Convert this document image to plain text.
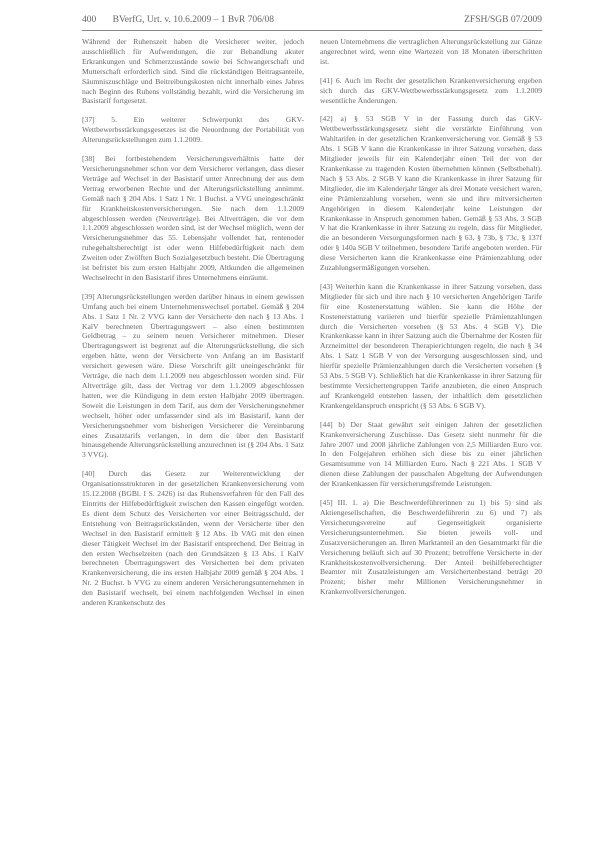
400 BVerfG, Urt. v. 10.6.2009 – 1 BvR 706/08	ZFSH/SGB 07/2009

Während der Ruhenszeit haben die Versicherer weiter, jedoch ausschließlich für Aufwendungen, die zur Behandlung akuter Erkrankungen und Schmerzzustände sowie bei Schwangerschaft und Mutterschaft erforderlich sind. Sind die rückständigen Beitragsanteile, Säumniszuschläge und Beitreibungskosten nicht innerhalb eines Jahres nach Beginn des Ruhens vollständig bezahlt, wird die Versicherung im Basistarif fortgesetzt.

[37] 5. Ein weiterer Schwerpunkt des GKV-Wettbewerbsstärkungsgesetzes ist die Neuordnung der Portabilität von Alterungsrückstellungen zum 1.1.2009.

[38] Bei fortbestehendem Versicherungsverhältnis hatte der Versicherungsnehmer schon vor dem Versicherer verlangen, dass dieser Verträge auf Wechsel in der Basistarif unter Anrechnung der aus dem Vertrag erworbenen Rechte und der Alterungsrückstellung annimmt. Gemäß nach § 204 Abs. 1 Satz 1 Nr. 1 Buchst. a VVG uneingeschränkt für Krankheitskostenversicherungen. Sie nach dem 1.1.2009 abgeschlossen werden (Neuverträge). Bei Altverträgen, die vor dem 1.1.2009 abgeschlossen worden sind, ist der Wechsel möglich, wenn der Versicherungsnehmer das 55. Lebensjahr vollendet hat, rentenoder ruhegehaltsberechtigt ist oder wenn Hilfebedürftigkeit nach dem Zweiten oder Zwölften Buch Sozialgesetzbuch besteht. Die Übertragung ist befristet bis zum ersten Halbjahr 2009, Altkunden die allgemeinen Wechselrecht in den Basistarif ihres Unternehmens einräumt.

[39] Alterungsrückstellungen werden darüber hinaus in einem gewissen Umfang auch bei einem Unternehmenswechsel portabel. Gemäß § 204 Abs. 1 Satz 1 Nr. 2 VVG kann der Versicherte den nach § 13 Abs. 1 KalV berechneten Übertragungswert – also einen bestimmten Geldbetrag – zu seinem neuen Versicherer mitnehmen. Dieser Übertragungswert ist begrenzt auf die Alterungsrückstellung, die sich ergeben hätte, wenn der Versicherte von Anfang an im Basistarif versichert gewesen wäre. Diese Vorschrift gilt uneingeschränkt für Verträge, die nach dem 1.1.2009 neu abgeschlossen worden sind. Für Altverträge gilt, dass der Vertrag vor dem 1.1.2009 abgeschlossen hatten, wer die Kündigung in dem ersten Halbjahr 2009 übertragen. Soweit die Leistungen in dem Tarif, aus dem der Versicherungsnehmer wechselt, höher oder umfassender sind als im Basistarif, kann der Versicherungsnehmer vom bisherigen Versicherer die Vereinbarung eines Zusatztarifs verlangen, in dem die über den Basistarif hinausgehende Alterungsrückstellung anzurechnen ist (§ 204 Abs. 1 Satz 3 VVG).

[40] Durch das Gesetz zur Weiterentwicklung der Organisationsstrukturen in der gesetzlichen Krankenversicherung vom 15.12.2008 (BGBl. I S. 2426) ist das Ruhensverfahren für den Fall des Eintritts der Hilfebedürftigkeit zwischen den Kassen eingefügt worden. Es dient dem Schutz des Versicherten vor einer Beitragsschuld, der Entstehung von Beitragsrückständen, wenn der Versicherte über den Wechsel in den Basistarif ermittelt § 12 Abs. 1b VAG mit den einen dieser Tätigkeit Wechsel im der Basistarif entsprechend. Der Beitrag in den ersten Wechselzeiten (nach den Grundsätzen § 13 Abs. 1 KalV berechneten Übertragungswert des Versicherten bei dem privaten Krankenversicherung, die ins ersten Halbjahr 2009 gemäß § 204 Abs. 1 Nr. 2 Buchst. b VVG zu einem anderen Versicherungsunternehmen in den Basistarif wechselt, bei einem nachfolgenden Wechsel in einen anderen Krankenschutz des

neuen Unternehmens die vertraglichen Alterungsrückstellung zur Gänze angerechnet wird, wenn eine Wartezeit von 18 Monaten überschritten ist.

[41] 6. Auch im Recht der gesetzlichen Krankenversicherung ergeben sich durch das GKV-Wettbewerbsstärkungsgesetz zum 1.1.2009 wesentliche Änderungen.

[42] a) § 53 SGB V in der Fassung durch das GKV-Wettbewerbsstärkungsgesetz sieht die verstärkte Einführung von Wahltarifen in der gesetzlichen Krankenversicherung vor. Gemäß § 53 Abs. 1 SGB V kann die Krankenkasse in ihrer Satzung vorsehen, dass Mitglieder jeweils für ein Kalenderjahr einen Teil der von der Krankenkasse zu tragenden Kosten übernehmen können (Selbstbehalt). Nach § 53 Abs. 2 SGB V kann die Krankenkasse in ihrer Satzung für Mitglieder, die im Kalenderjahr länger als drei Monate versichert waren, eine Prämienzahlung vorsehen, wenn sie und ihre mitversicherten Angehörigen in diesem Kalenderjahr keine Leistungen der Krankenkasse in Anspruch genommen haben. Gemäß § 53 Abs. 3 SGB V hat die Krankenkasse in ihrer Satzung zu regeln, dass für Mitglieder, die an besonderen Versorgungsformen nach § 63, § 73b, § 73c, § 137f oder § 140a SGB V teilnehmen, besondere Tarife angeboten werden. Für diese Versicherten kann die Krankenkasse eine Prämienzahlung oder Zuzahlungsermäßigungen vorsehen.

[43] Weiterhin kann die Krankenkasse in ihrer Satzung vorsehen, dass Mitglieder für sich und ihre nach § 10 versicherten Angehörigen Tarife für eine Kostenerstattung wählen. Sie kann die Höhe der Kostenerstattung variieren und hierfür spezielle Prämienzahlungen durch die Versicherten vorsehen (§ 53 Abs. 4 SGB V). Die Krankenkasse kann in ihrer Satzung auch die Übernahme der Kosten für Arzneimittel der besonderen Therapierichtungen regeln, die nach § 34 Abs. 1 Satz 1 SGB V von der Versorgung ausgeschlossen sind, und hierfür spezielle Prämienzahlungen durch die Versicherten vorsehen (§ 53 Abs. 5 SGB V). Schließlich hat die Krankenkasse in ihrer Satzung für bestimmte Versichertengruppen Tarife anzubieten, die einen Anspruch auf Krankengeld entstehen lassen, der inhaltlich dem gesetzlichen Krankengeldanspruch entspricht (§ 53 Abs. 6 SGB V).

[44] b) Der Staat gewährt seit einigen Jahren der gesetzlichen Krankenversicherung Zuschüsse. Das Gesetz sieht nunmehr für die Jahre 2007 und 2008 jährliche Zahlungen von 2,5 Milliarden Euro vor. In den Folgejahren erhöhen sich diese bis zu einer jährlichen Gesamtsumme von 14 Milliarden Euro. Nach § 221 Abs. 1 SGB V dienen diese Zahlungen der pauschalen Abgeltung der Aufwendungen der Krankenkassen für versicherungsfremde Leistungen.

[45] III. 1. a) Die Beschwerdeführerinnen zu 1) bis 5) sind als Aktiengesellschaften, die Beschwerdeführerin zu 6) und 7) als Versicherungsvereine auf Gegenseitigkeit organisierte Versicherungsunternehmen. Sie bieten jeweils voll- und Zusatzversicherungen an. Ihren Marktanteil an den Gesamtmarkt für die Versicherung beläuft sich auf 30 Prozent; betroffene Versicherte in der Krankheitskostenvollversicherung. Der Anteil beihilfeberechtigter Beamter mit Zusatzleistungen am Versichertenbestand beträgt 20 Prozent; bisher mehr Millionen Versicherungsnehmer in Krankenvollversicherungen.
